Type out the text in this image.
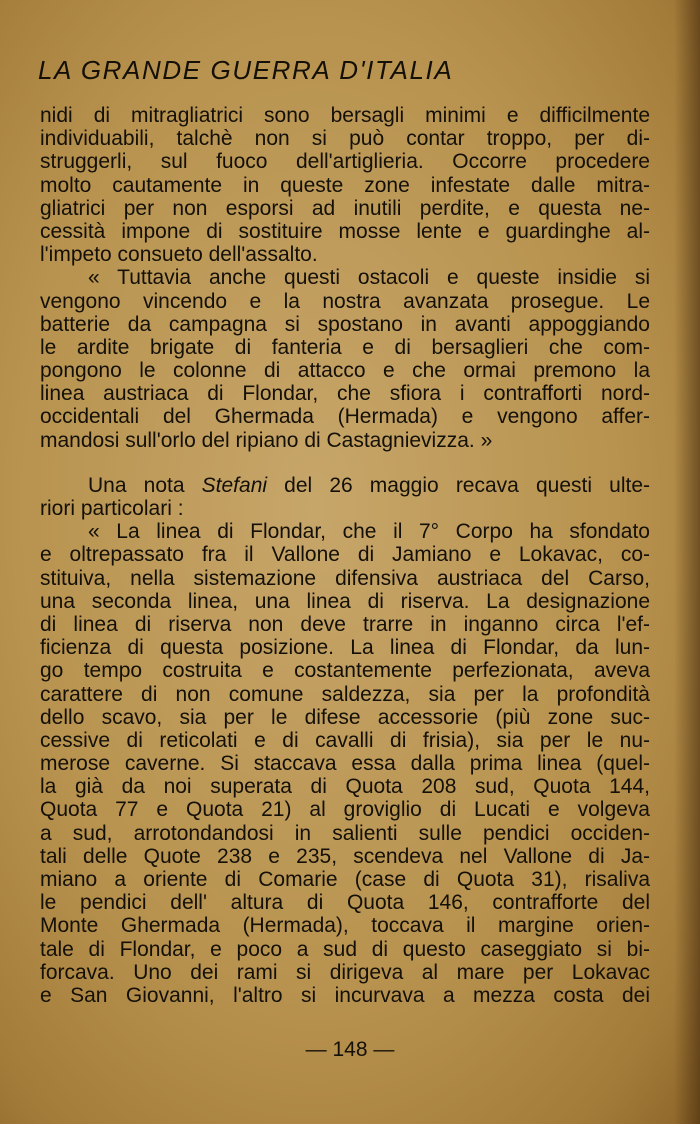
LA GRANDE GUERRA D'ITALIA
nidi di mitragliatrici sono bersagli minimi e difficilmente
individuabili, talchè non si può contar troppo, per di-
struggerli, sul fuoco dell'artiglieria. Occorre procedere
molto cautamente in queste zone infestate dalle mitra-
gliatrici per non esporsi ad inutili perdite, e questa ne-
cessità impone di sostituire mosse lente e guardinghe al-
l'impeto consueto dell'assalto.
« Tuttavia anche questi ostacoli e queste insidie si
vengono vincendo e la nostra avanzata prosegue. Le
batterie da campagna si spostano in avanti appoggiando
le ardite brigate di fanteria e di bersaglieri che com-
pongono le colonne di attacco e che ormai premono la
linea austriaca di Flondar, che sfiora i contrafforti nord-
occidentali del Ghermada (Hermada) e vengono affer-
mandosi sull'orlo del ripiano di Castagnievizza. »
Una nota Stefani del 26 maggio recava questi ulte-
riori particolari :
« La linea di Flondar, che il 7° Corpo ha sfondato
e oltrepassato fra il Vallone di Jamiano e Lokavac, co-
stituiva, nella sistemazione difensiva austriaca del Carso,
una seconda linea, una linea di riserva. La designazione
di linea di riserva non deve trarre in inganno circa l'ef-
ficienza di questa posizione. La linea di Flondar, da lun-
go tempo costruita e costantemente perfezionata, aveva
carattere di non comune saldezza, sia per la profondità
dello scavo, sia per le difese accessorie (più zone suc-
cessive di reticolati e di cavalli di frisia), sia per le nu-
merose caverne. Si staccava essa dalla prima linea (quel-
la già da noi superata di Quota 208 sud, Quota 144,
Quota 77 e Quota 21) al groviglio di Lucati e volgeva
a sud, arrotondandosi in salienti sulle pendici occiden-
tali delle Quote 238 e 235, scendeva nel Vallone di Ja-
miano a oriente di Comarie (case di Quota 31), risaliva
le pendici dell' altura di Quota 146, contrafforte del
Monte Ghermada (Hermada), toccava il margine orien-
tale di Flondar, e poco a sud di questo caseggiato si bi-
forcava. Uno dei rami si dirigeva al mare per Lokavac
e San Giovanni, l'altro si incurvava a mezza costa dei
— 148 —
